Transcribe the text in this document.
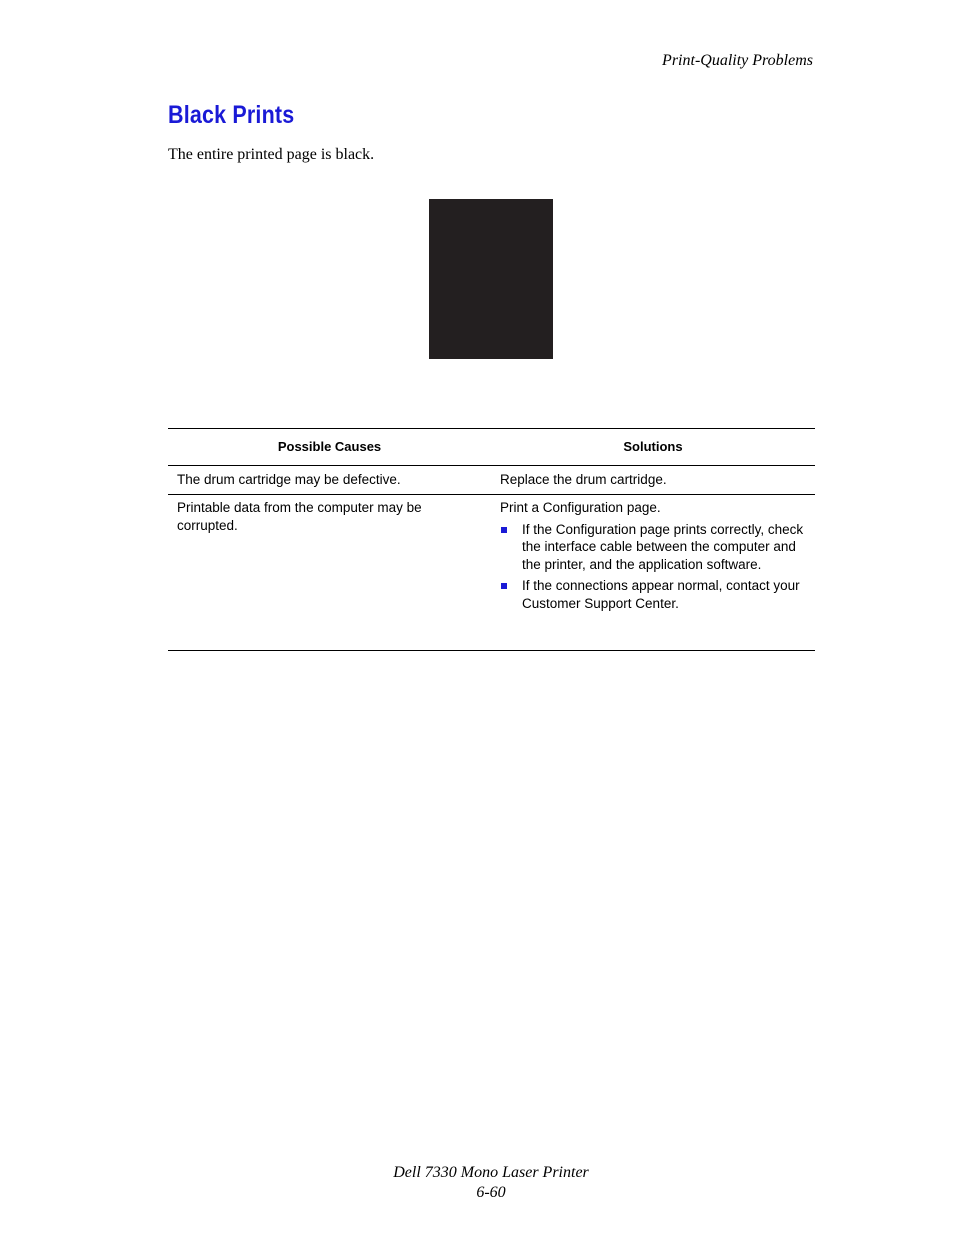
Print-Quality Problems
Black Prints

The entire printed page is black.

Possible Causes	Solutions
The drum cartridge may be defective.	Replace the drum cartridge.
Printable data from the computer may be corrupted.
Print a Configuration page.
If the Configuration page prints correctly, check the interface cable between the computer and the printer, and the application software.
If the connections appear normal, contact your Customer Support Center.
Dell 7330 Mono Laser Printer
6-60
